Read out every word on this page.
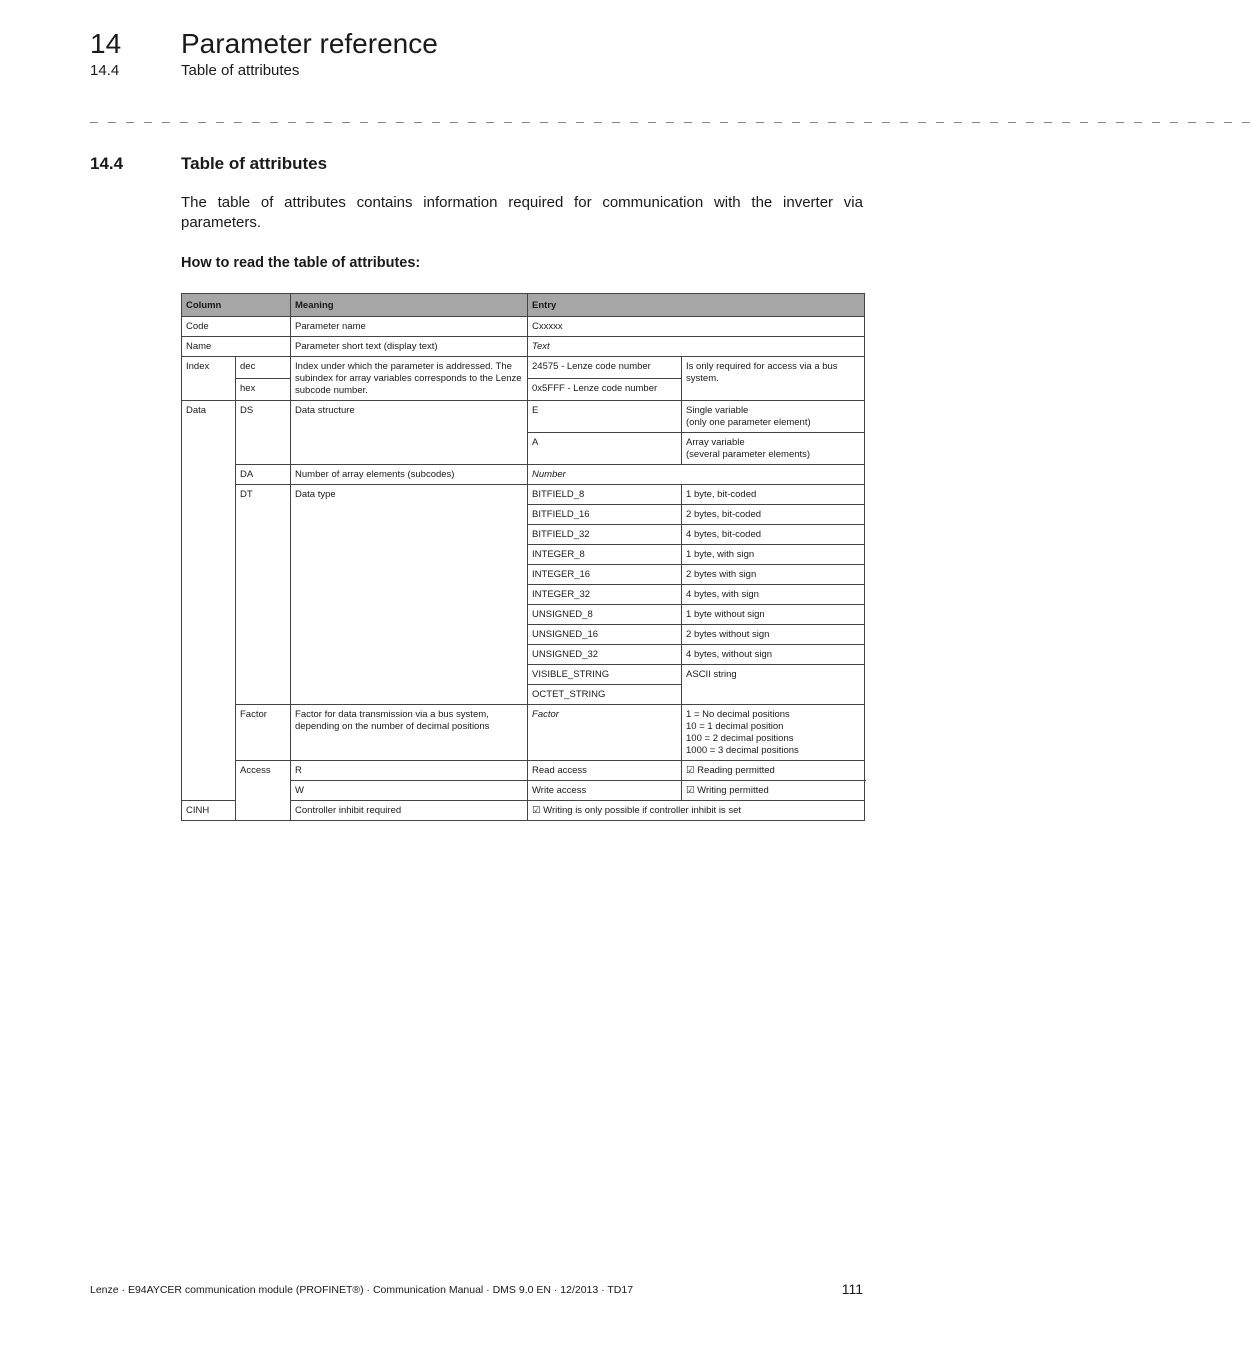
14 Parameter reference
14.4	Table of attributes
_ _ _ _ _ _ _ _ _ _ _ _ _ _ _ _ _ _ _ _ _ _ _ _ _ _ _ _ _ _ _ _ _ _ _ _ _ _ _ _ _ _ _ _ _ _ _ _ _ _ _ _ _ _ _ _ _ _ _ _ _ _ _ _ _
14.4	Table of attributes

The table of attributes contains information required for communication with the inverter via parameters.

How to read the table of attributes:
Column		Meaning	Entry	
Code		Parameter name	Cxxxxx	
Name		Parameter short text (display text)	Text	
Index	dec	Index under which the parameter is addressed. The subindex for array variables corresponds to the Lenze subcode number.	24575 - Lenze code number	Is only required for access via a bus system.
	hex		0x5FFF - Lenze code number	
Data	DS	Data structure	E	Single variable
(only one parameter element)

			A	Array variable
(several parameter elements)

	DA	Number of array elements (subcodes)	Number	
	DT	Data type	BITFIELD_8	1 byte, bit-coded
			BITFIELD_16	2 bytes, bit-coded
			BITFIELD_32	4 bytes, bit-coded
			INTEGER_8	1 byte, with sign
			INTEGER_16	2 bytes with sign
			INTEGER_32	4 bytes, with sign
			UNSIGNED_8	1 byte without sign
			UNSIGNED_16	2 bytes without sign
			UNSIGNED_32	4 bytes, without sign
			VISIBLE_STRING	ASCII string
			OCTET_STRING	
	Factor	Factor for data transmission via a bus system, depending on the number of decimal positions	Factor	1 = No decimal positions
10 = 1 decimal position
100 = 2 decimal positions
1000 = 3 decimal positions

	Access	R	Read access	☑ Reading permitted
		W	Write access	☑ Writing permitted
CINH		Controller inhibit required	☑ Writing is only possible if controller inhibit is set	
Lenze · E94AYCER communication module (PROFINET®) · Communication Manual · DMS 9.0 EN · 12/2013 · TD17	111
